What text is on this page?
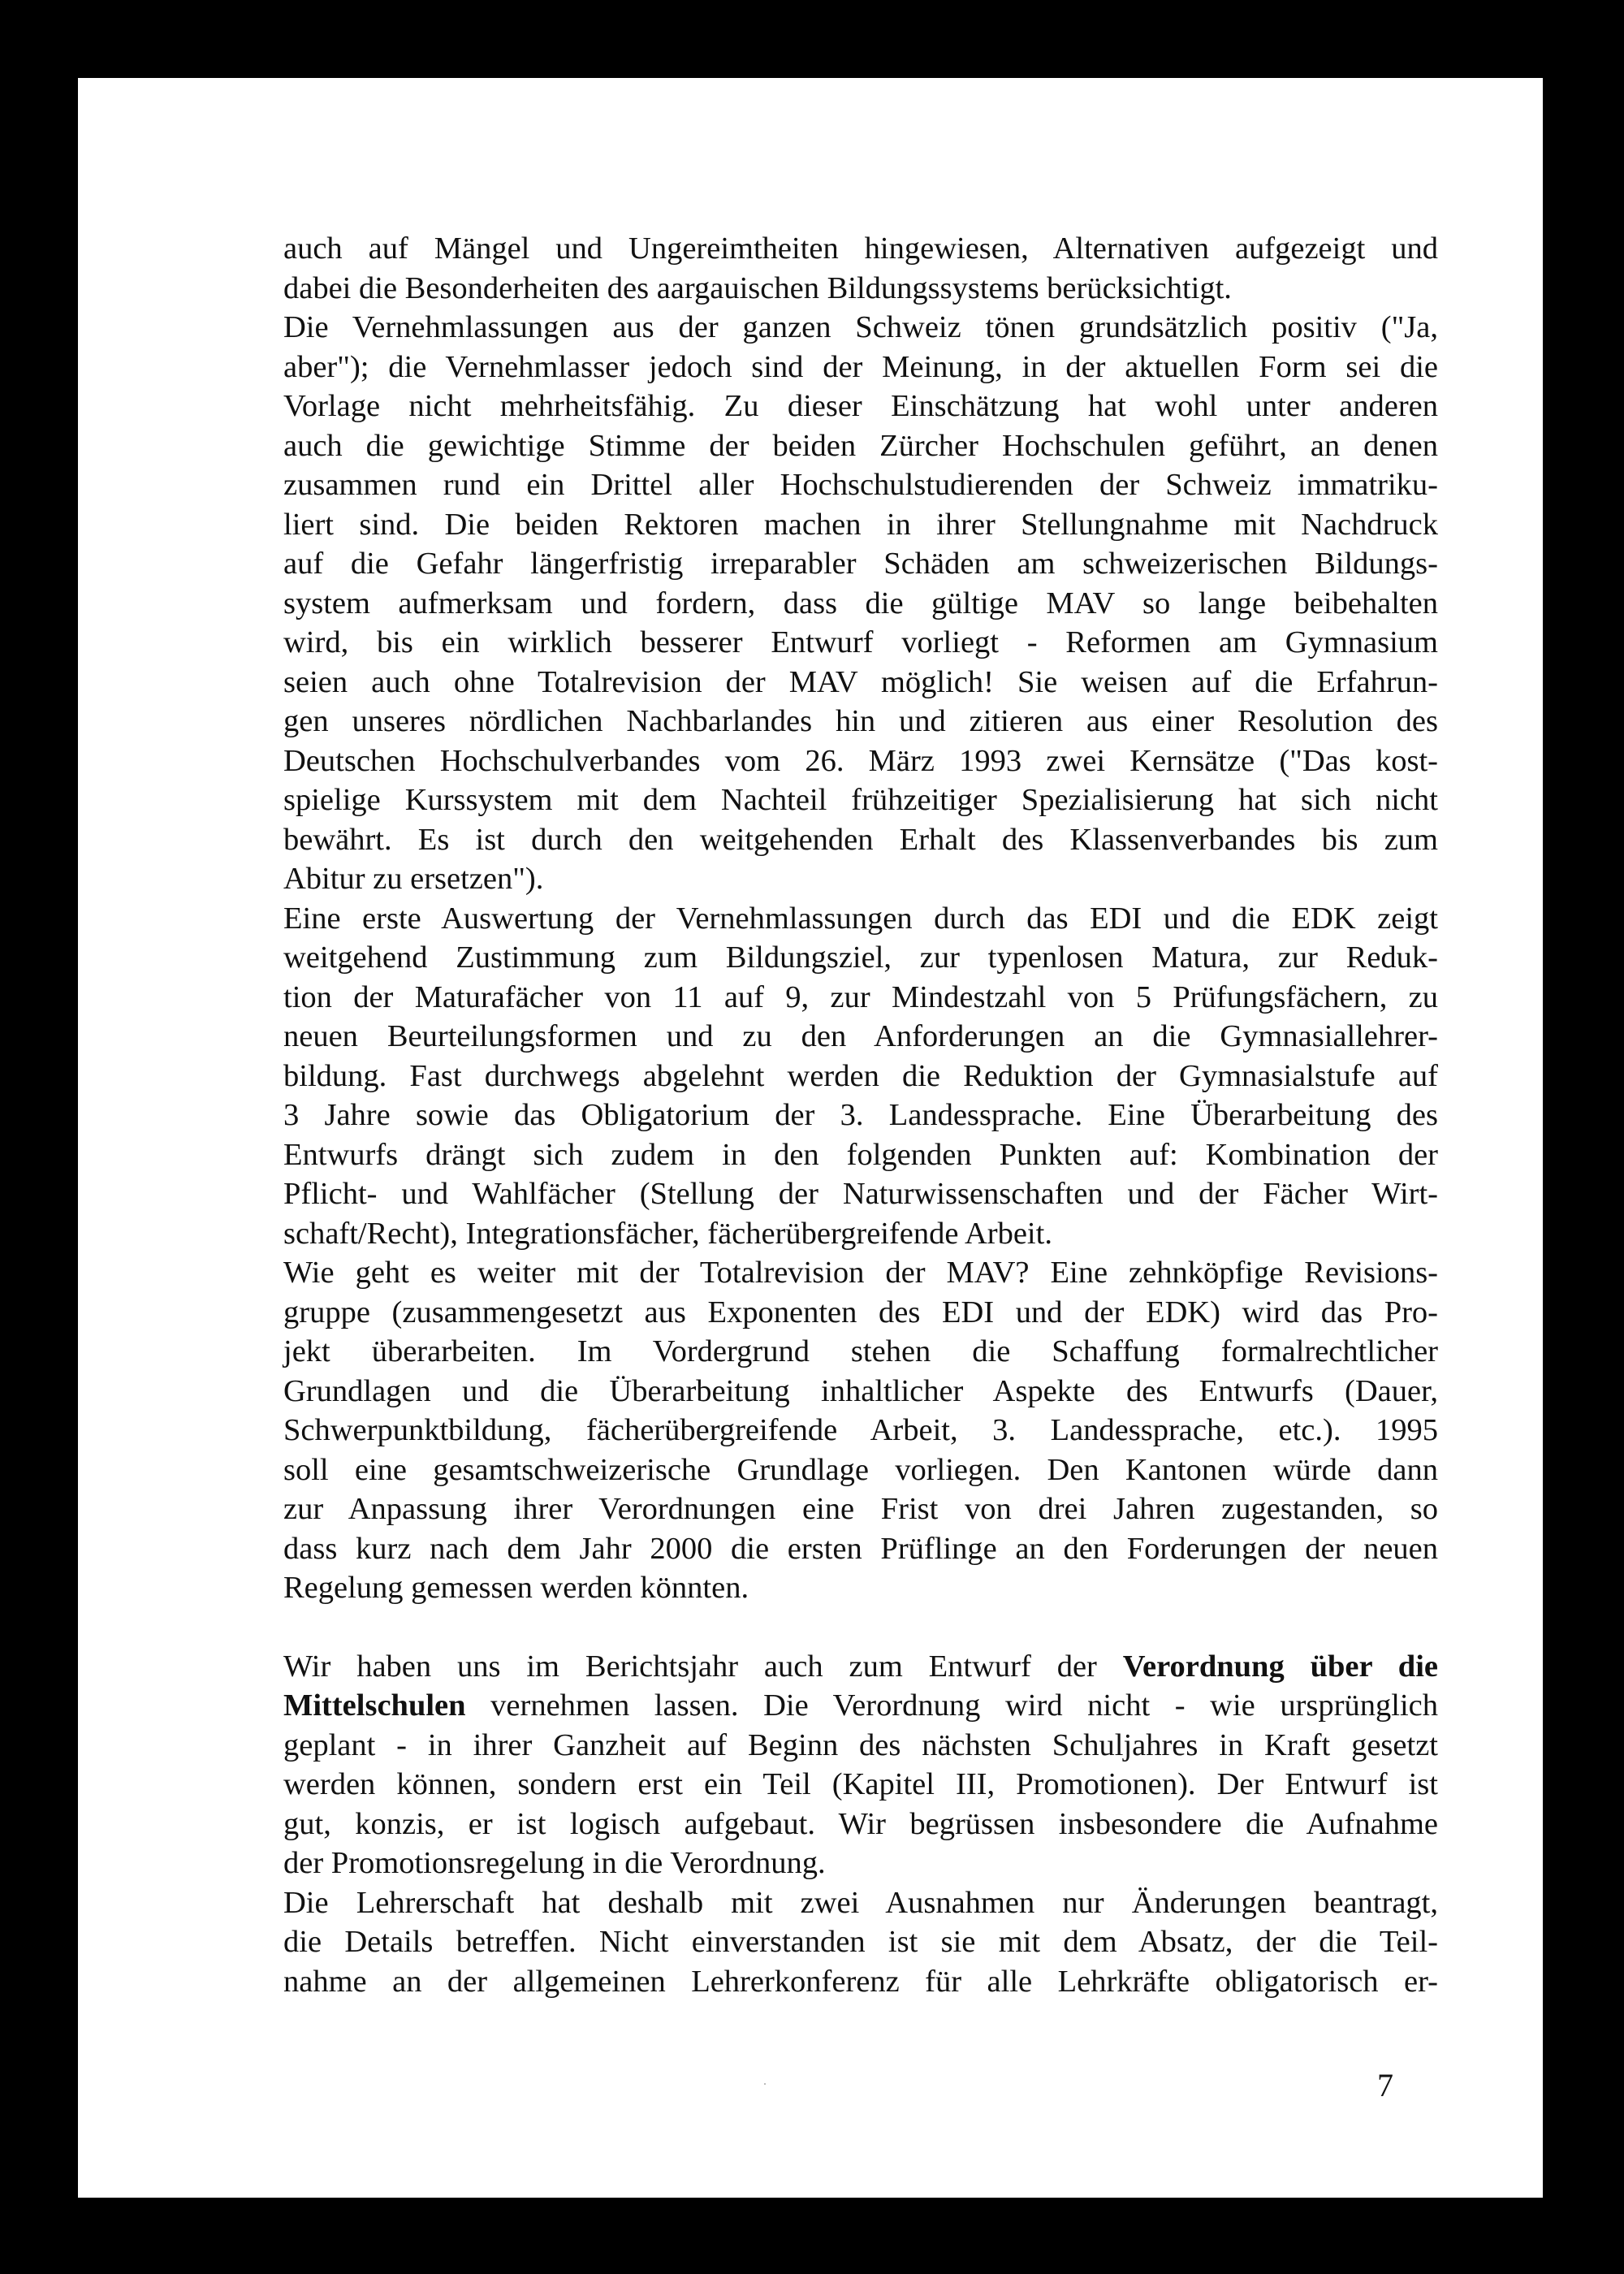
auch auf Mängel und Ungereimtheiten hingewiesen, Alternativen aufgezeigt und
dabei die Besonderheiten des aargauischen Bildungssystems berücksichtigt.
Die Vernehmlassungen aus der ganzen Schweiz tönen grundsätzlich positiv ("Ja,
aber"); die Vernehmlasser jedoch sind der Meinung, in der aktuellen Form sei die
Vorlage nicht mehrheitsfähig. Zu dieser Einschätzung hat wohl unter anderen
auch die gewichtige Stimme der beiden Zürcher Hochschulen geführt, an denen
zusammen rund ein Drittel aller Hochschulstudierenden der Schweiz immatriku-
liert sind. Die beiden Rektoren machen in ihrer Stellungnahme mit Nachdruck
auf die Gefahr längerfristig irreparabler Schäden am schweizerischen Bildungs-
system aufmerksam und fordern, dass die gültige MAV so lange beibehalten
wird, bis ein wirklich besserer Entwurf vorliegt - Reformen am Gymnasium
seien auch ohne Totalrevision der MAV möglich! Sie weisen auf die Erfahrun-
gen unseres nördlichen Nachbarlandes hin und zitieren aus einer Resolution des
Deutschen Hochschulverbandes vom 26. März 1993 zwei Kernsätze ("Das kost-
spielige Kurssystem mit dem Nachteil frühzeitiger Spezialisierung hat sich nicht
bewährt. Es ist durch den weitgehenden Erhalt des Klassenverbandes bis zum
Abitur zu ersetzen").
Eine erste Auswertung der Vernehmlassungen durch das EDI und die EDK zeigt
weitgehend Zustimmung zum Bildungsziel, zur typenlosen Matura, zur Reduk-
tion der Maturafächer von 11 auf 9, zur Mindestzahl von 5 Prüfungsfächern, zu
neuen Beurteilungsformen und zu den Anforderungen an die Gymnasiallehrer-
bildung. Fast durchwegs abgelehnt werden die Reduktion der Gymnasialstufe auf
3 Jahre sowie das Obligatorium der 3. Landessprache. Eine Überarbeitung des
Entwurfs drängt sich zudem in den folgenden Punkten auf: Kombination der
Pflicht- und Wahlfächer (Stellung der Naturwissenschaften und der Fächer Wirt-
schaft/Recht), Integrationsfächer, fächerübergreifende Arbeit.
Wie geht es weiter mit der Totalrevision der MAV? Eine zehnköpfige Revisions-
gruppe (zusammengesetzt aus Exponenten des EDI und der EDK) wird das Pro-
jekt überarbeiten. Im Vordergrund stehen die Schaffung formalrechtlicher
Grundlagen und die Überarbeitung inhaltlicher Aspekte des Entwurfs (Dauer,
Schwerpunktbildung, fächerübergreifende Arbeit, 3. Landessprache, etc.). 1995
soll eine gesamtschweizerische Grundlage vorliegen. Den Kantonen würde dann
zur Anpassung ihrer Verordnungen eine Frist von drei Jahren zugestanden, so
dass kurz nach dem Jahr 2000 die ersten Prüflinge an den Forderungen der neuen
Regelung gemessen werden könnten.
Wir haben uns im Berichtsjahr auch zum Entwurf der Verordnung über die
Mittelschulen vernehmen lassen. Die Verordnung wird nicht - wie ursprünglich
geplant - in ihrer Ganzheit auf Beginn des nächsten Schuljahres in Kraft gesetzt
werden können, sondern erst ein Teil (Kapitel III, Promotionen). Der Entwurf ist
gut, konzis, er ist logisch aufgebaut. Wir begrüssen insbesondere die Aufnahme
der Promotionsregelung in die Verordnung.
Die Lehrerschaft hat deshalb mit zwei Ausnahmen nur Änderungen beantragt,
die Details betreffen. Nicht einverstanden ist sie mit dem Absatz, der die Teil-
nahme an der allgemeinen Lehrerkonferenz für alle Lehrkräfte obligatorisch er-
7
